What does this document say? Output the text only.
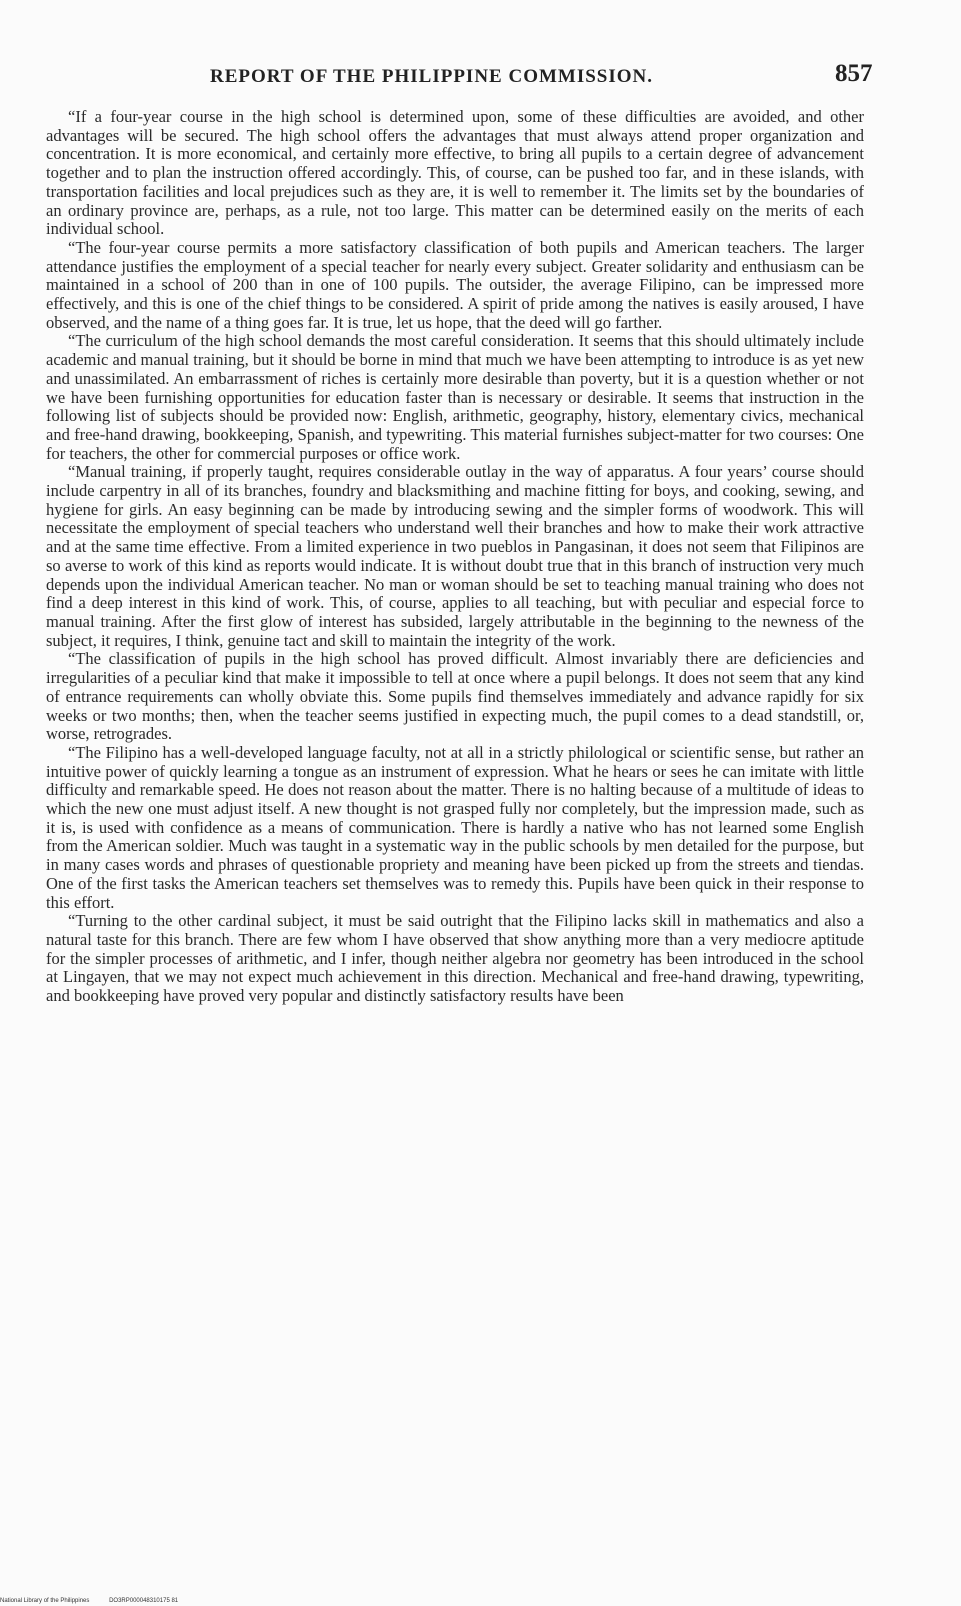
REPORT OF THE PHILIPPINE COMMISSION.	857

“If a four-year course in the high school is determined upon, some of these difficulties are avoided, and other advantages will be secured. The high school offers the advantages that must always attend proper organization and concentration. It is more economical, and certainly more effective, to bring all pupils to a certain degree of advancement together and to plan the instruction offered accordingly. This, of course, can be pushed too far, and in these islands, with transportation facilities and local prejudices such as they are, it is well to remember it. The limits set by the boundaries of an ordinary province are, perhaps, as a rule, not too large. This matter can be determined easily on the merits of each individual school.

“The four-year course permits a more satisfactory classification of both pupils and American teachers. The larger attendance justifies the employment of a special teacher for nearly every subject. Greater solidarity and enthusiasm can be maintained in a school of 200 than in one of 100 pupils. The outsider, the average Filipino, can be impressed more effectively, and this is one of the chief things to be considered. A spirit of pride among the natives is easily aroused, I have observed, and the name of a thing goes far. It is true, let us hope, that the deed will go farther.

“The curriculum of the high school demands the most careful consideration. It seems that this should ultimately include academic and manual training, but it should be borne in mind that much we have been attempting to introduce is as yet new and unassimilated. An embarrassment of riches is certainly more desirable than poverty, but it is a question whether or not we have been furnishing opportunities for education faster than is necessary or desirable. It seems that instruction in the following list of subjects should be provided now: English, arithmetic, geography, history, elementary civics, mechanical and free-hand drawing, bookkeeping, Spanish, and typewriting. This material furnishes subject-matter for two courses: One for teachers, the other for commercial purposes or office work.

“Manual training, if properly taught, requires considerable outlay in the way of apparatus. A four years’ course should include carpentry in all of its branches, foundry and blacksmithing and machine fitting for boys, and cooking, sewing, and hygiene for girls. An easy beginning can be made by introducing sewing and the simpler forms of woodwork. This will necessitate the employment of special teachers who understand well their branches and how to make their work attractive and at the same time effective. From a limited experience in two pueblos in Pangasinan, it does not seem that Filipinos are so averse to work of this kind as reports would indicate. It is without doubt true that in this branch of instruction very much depends upon the individual American teacher. No man or woman should be set to teaching manual training who does not find a deep interest in this kind of work. This, of course, applies to all teaching, but with peculiar and especial force to manual training. After the first glow of interest has subsided, largely attributable in the beginning to the newness of the subject, it requires, I think, genuine tact and skill to maintain the integrity of the work.

“The classification of pupils in the high school has proved difficult. Almost invariably there are deficiencies and irregularities of a peculiar kind that make it impossible to tell at once where a pupil belongs. It does not seem that any kind of entrance requirements can wholly obviate this. Some pupils find themselves immediately and advance rapidly for six weeks or two months; then, when the teacher seems justified in expecting much, the pupil comes to a dead standstill, or, worse, retrogrades.

“The Filipino has a well-developed language faculty, not at all in a strictly philological or scientific sense, but rather an intuitive power of quickly learning a tongue as an instrument of expression. What he hears or sees he can imitate with little difficulty and remarkable speed. He does not reason about the matter. There is no halting because of a multitude of ideas to which the new one must adjust itself. A new thought is not grasped fully nor completely, but the impression made, such as it is, is used with confidence as a means of communication. There is hardly a native who has not learned some English from the American soldier. Much was taught in a systematic way in the public schools by men detailed for the purpose, but in many cases words and phrases of questionable propriety and meaning have been picked up from the streets and tiendas. One of the first tasks the American teachers set themselves was to remedy this. Pupils have been quick in their response to this effort.

“Turning to the other cardinal subject, it must be said outright that the Filipino lacks skill in mathematics and also a natural taste for this branch. There are few whom I have observed that show anything more than a very mediocre aptitude for the simpler processes of arithmetic, and I infer, though neither algebra nor geometry has been introduced in the school at Lingayen, that we may not expect much achievement in this direction. Mechanical and free-hand drawing, typewriting, and bookkeeping have proved very popular and distinctly satisfactory results have been

National Library of the Philippines	DO3RP000048310175 81
